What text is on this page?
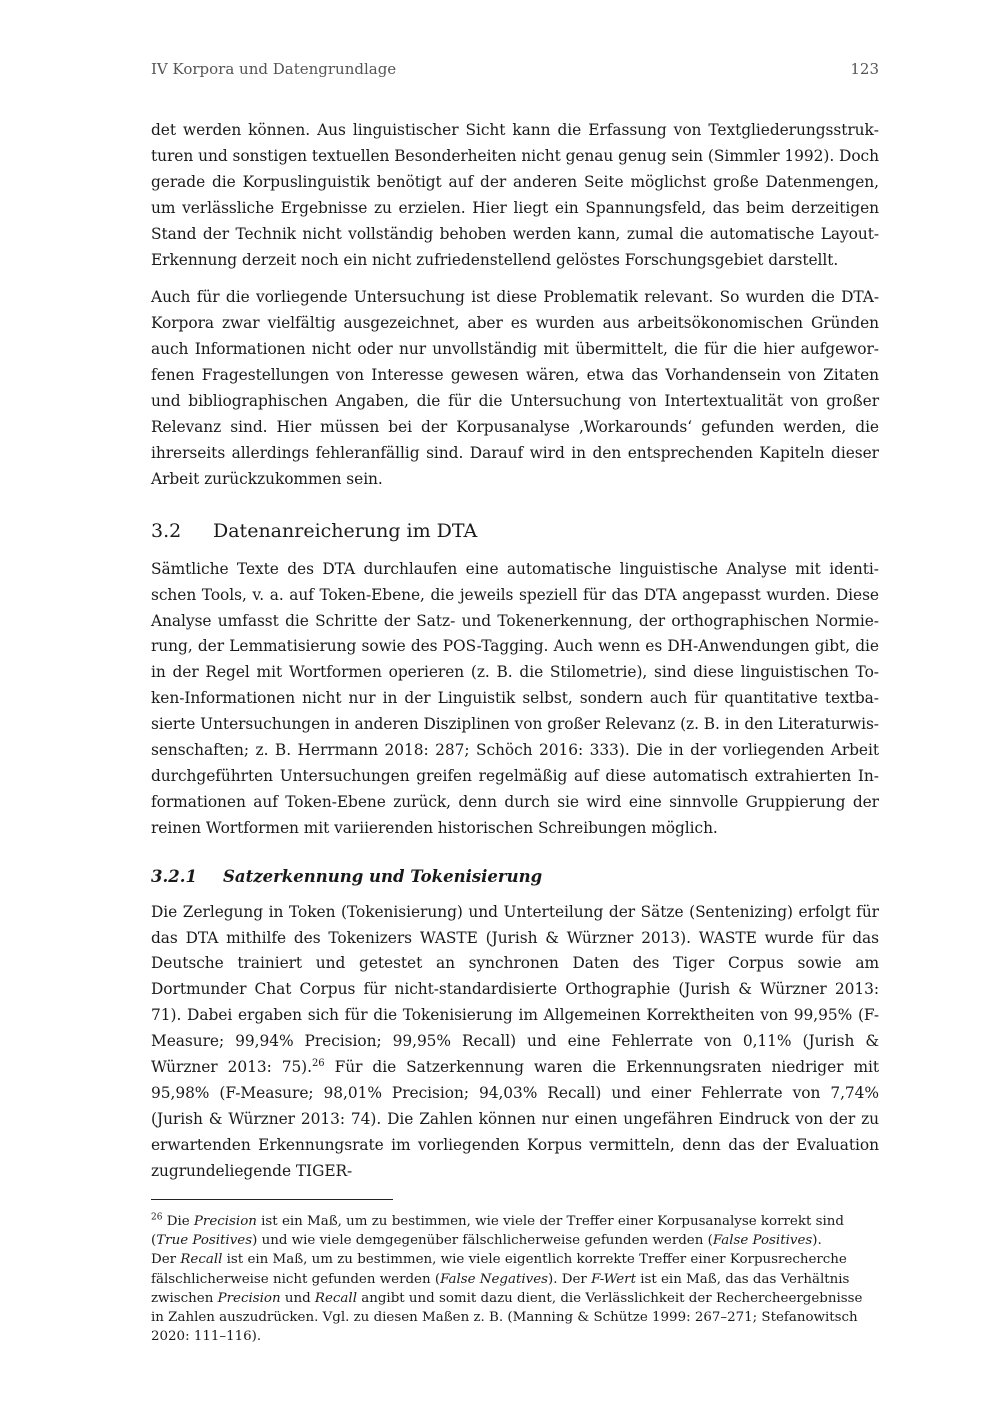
IV Korpora und Datengrundlage	123

det werden können. Aus linguistischer Sicht kann die Erfassung von Textgliederungsstrukturen und sonstigen textuellen Besonderheiten nicht genau genug sein (Simmler 1992). Doch gerade die Korpuslinguistik benötigt auf der anderen Seite möglichst große Datenmengen, um verlässliche Ergebnisse zu erzielen. Hier liegt ein Spannungsfeld, das beim derzeitigen Stand der Technik nicht vollständig behoben werden kann, zumal die automatische Layout-Erkennung derzeit noch ein nicht zufriedenstellend gelöstes Forschungsgebiet darstellt.

Auch für die vorliegende Untersuchung ist diese Problematik relevant. So wurden die DTA-Korpora zwar vielfältig ausgezeichnet, aber es wurden aus arbeitsökonomischen Gründen auch Informationen nicht oder nur unvollständig mit übermittelt, die für die hier aufgeworfenen Fragestellungen von Interesse gewesen wären, etwa das Vorhandensein von Zitaten und bibliographischen Angaben, die für die Untersuchung von Intertextualität von großer Relevanz sind. Hier müssen bei der Korpusanalyse ‚Workarounds‘ gefunden werden, die ihrerseits allerdings fehleranfällig sind. Darauf wird in den entsprechenden Kapiteln dieser Arbeit zurückzukommen sein.

3.2	Datenanreicherung im DTA

Sämtliche Texte des DTA durchlaufen eine automatische linguistische Analyse mit identischen Tools, v. a. auf Token-Ebene, die jeweils speziell für das DTA angepasst wurden. Diese Analyse umfasst die Schritte der Satz- und Tokenerkennung, der orthographischen Normierung, der Lemmatisierung sowie des POS-Tagging. Auch wenn es DH-Anwendungen gibt, die in der Regel mit Wortformen operieren (z. B. die Stilometrie), sind diese linguistischen Token-Informationen nicht nur in der Linguistik selbst, sondern auch für quantitative textbasierte Untersuchungen in anderen Disziplinen von großer Relevanz (z. B. in den Literaturwissenschaften; z. B. Herrmann 2018: 287; Schöch 2016: 333). Die in der vorliegenden Arbeit durchgeführten Untersuchungen greifen regelmäßig auf diese automatisch extrahierten Informationen auf Token-Ebene zurück, denn durch sie wird eine sinnvolle Gruppierung der reinen Wortformen mit variierenden historischen Schreibungen möglich.

3.2.1	Satzerkennung und Tokenisierung

Die Zerlegung in Token (Tokenisierung) und Unterteilung der Sätze (Sentenizing) erfolgt für das DTA mithilfe des Tokenizers WASTE (Jurish & Würzner 2013). WASTE wurde für das Deutsche trainiert und getestet an synchronen Daten des Tiger Corpus sowie am Dortmunder Chat Corpus für nicht-standardisierte Orthographie (Jurish & Würzner 2013: 71). Dabei ergaben sich für die Tokenisierung im Allgemeinen Korrektheiten von 99,95% (F-Measure; 99,94% Precision; 99,95% Recall) und eine Fehlerrate von 0,11% (Jurish & Würzner 2013: 75).$^{26}$ Für die Satzerkennung waren die Erkennungsraten niedriger mit 95,98% (F-Measure; 98,01% Precision; 94,03% Recall) und einer Fehlerrate von 7,74% (Jurish & Würzner 2013: 74). Die Zahlen können nur einen ungefähren Eindruck von der zu erwartenden Erkennungsrate im vorliegenden Korpus vermitteln, denn das der Evaluation zugrundeliegende TIGER-

$^{26}$ Die Precision ist ein Maß, um zu bestimmen, wie viele der Treffer einer Korpusanalyse korrekt sind (True Positives) und wie viele demgegenüber fälschlicherweise gefunden werden (False Positives).

Der Recall ist ein Maß, um zu bestimmen, wie viele eigentlich korrekte Treffer einer Korpusrecherche fälschlicherweise nicht gefunden werden (False Negatives). Der F-Wert ist ein Maß, das das Verhältnis zwischen Precision und Recall angibt und somit dazu dient, die Verlässlichkeit der Rechercheergebnisse in Zahlen auszudrücken. Vgl. zu diesen Maßen z. B. (Manning & Schütze 1999: 267–271; Stefanowitsch 2020: 111–116).
